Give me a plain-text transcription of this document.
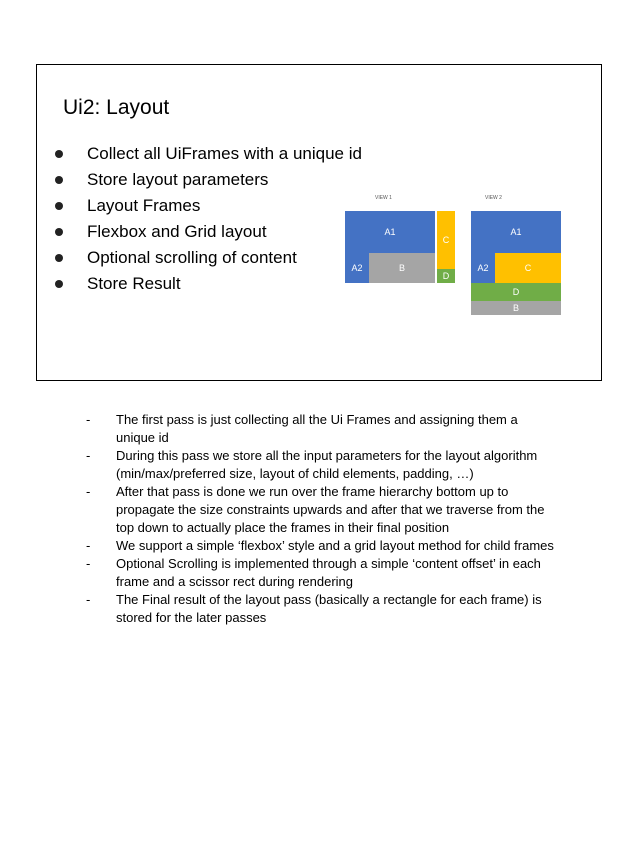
Ui2: Layout
Collect all UiFrames with a unique id
Store layout parameters
Layout Frames
Flexbox and Grid layout
Optional scrolling of content
Store Result
VIEW 1
A1
A2	B
C
D
VIEW 2
A1
A2	C
D
B
- The first pass is just collecting all the Ui Frames and assigning them a unique id
- During this pass we store all the input parameters for the layout algorithm (min/max/preferred size, layout of child elements, padding, …)
- After that pass is done we run over the frame hierarchy bottom up to propagate the size constraints upwards and after that we traverse from the top down to actually place the frames in their final position
- We support a simple ‘flexbox’ style and a grid layout method for child frames
- Optional Scrolling is implemented through a simple ‘content offset’ in each frame and a scissor rect during rendering
- The Final result of the layout pass (basically a rectangle for each frame) is stored for the later passes
